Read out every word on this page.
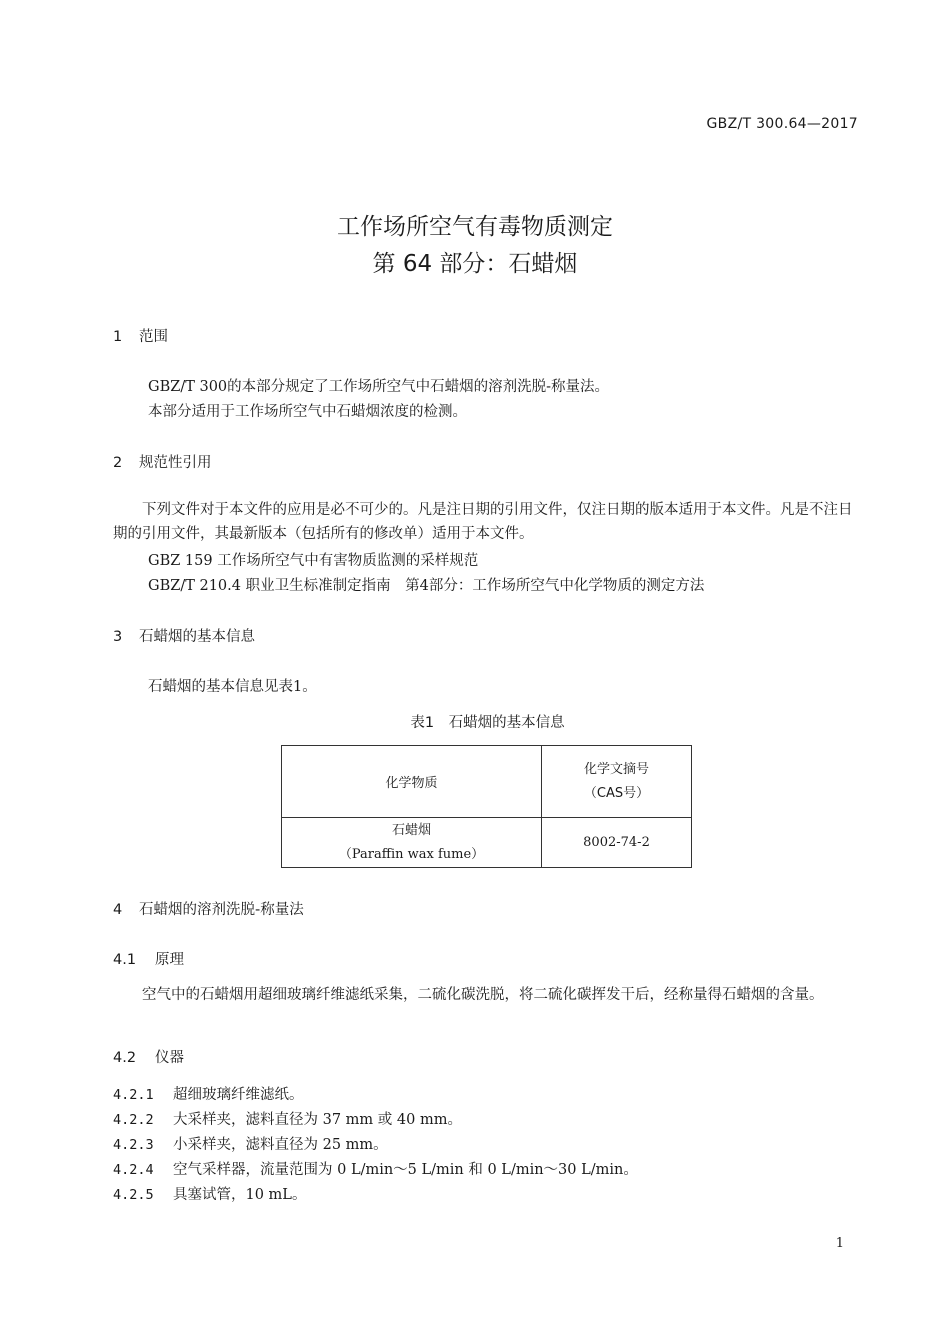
GBZ/T 300.64—2017
工作场所空气有毒物质测定
第 64 部分：石蜡烟
1 范围
GBZ/T 300的本部分规定了工作场所空气中石蜡烟的溶剂洗脱-称量法。
本部分适用于工作场所空气中石蜡烟浓度的检测。
2 规范性引用
　　下列文件对于本文件的应用是必不可少的。凡是注日期的引用文件，仅注日期的版本适用于本文件。凡是不注日期的引用文件，其最新版本（包括所有的修改单）适用于本文件。
GBZ 159 工作场所空气中有害物质监测的采样规范
GBZ/T 210.4 职业卫生标准制定指南　第4部分：工作场所空气中化学物质的测定方法
3 石蜡烟的基本信息
石蜡烟的基本信息见表1。
表1　石蜡烟的基本信息
化学物质	化学文摘号
（CAS号）

石蜡烟
（Paraffin wax fume）	8002-74-2
4 石蜡烟的溶剂洗脱-称量法
4.1 原理
　　空气中的石蜡烟用超细玻璃纤维滤纸采集，二硫化碳洗脱，将二硫化碳挥发干后，经称量得石蜡烟的含量。
4.2 仪器
4.2.1 超细玻璃纤维滤纸。
4.2.2 大采样夹，滤料直径为 37 mm 或 40 mm。
4.2.3 小采样夹，滤料直径为 25 mm。
4.2.4 空气采样器，流量范围为 0 L/min～5 L/min 和 0 L/min～30 L/min。
4.2.5 具塞试管，10 mL。
1
